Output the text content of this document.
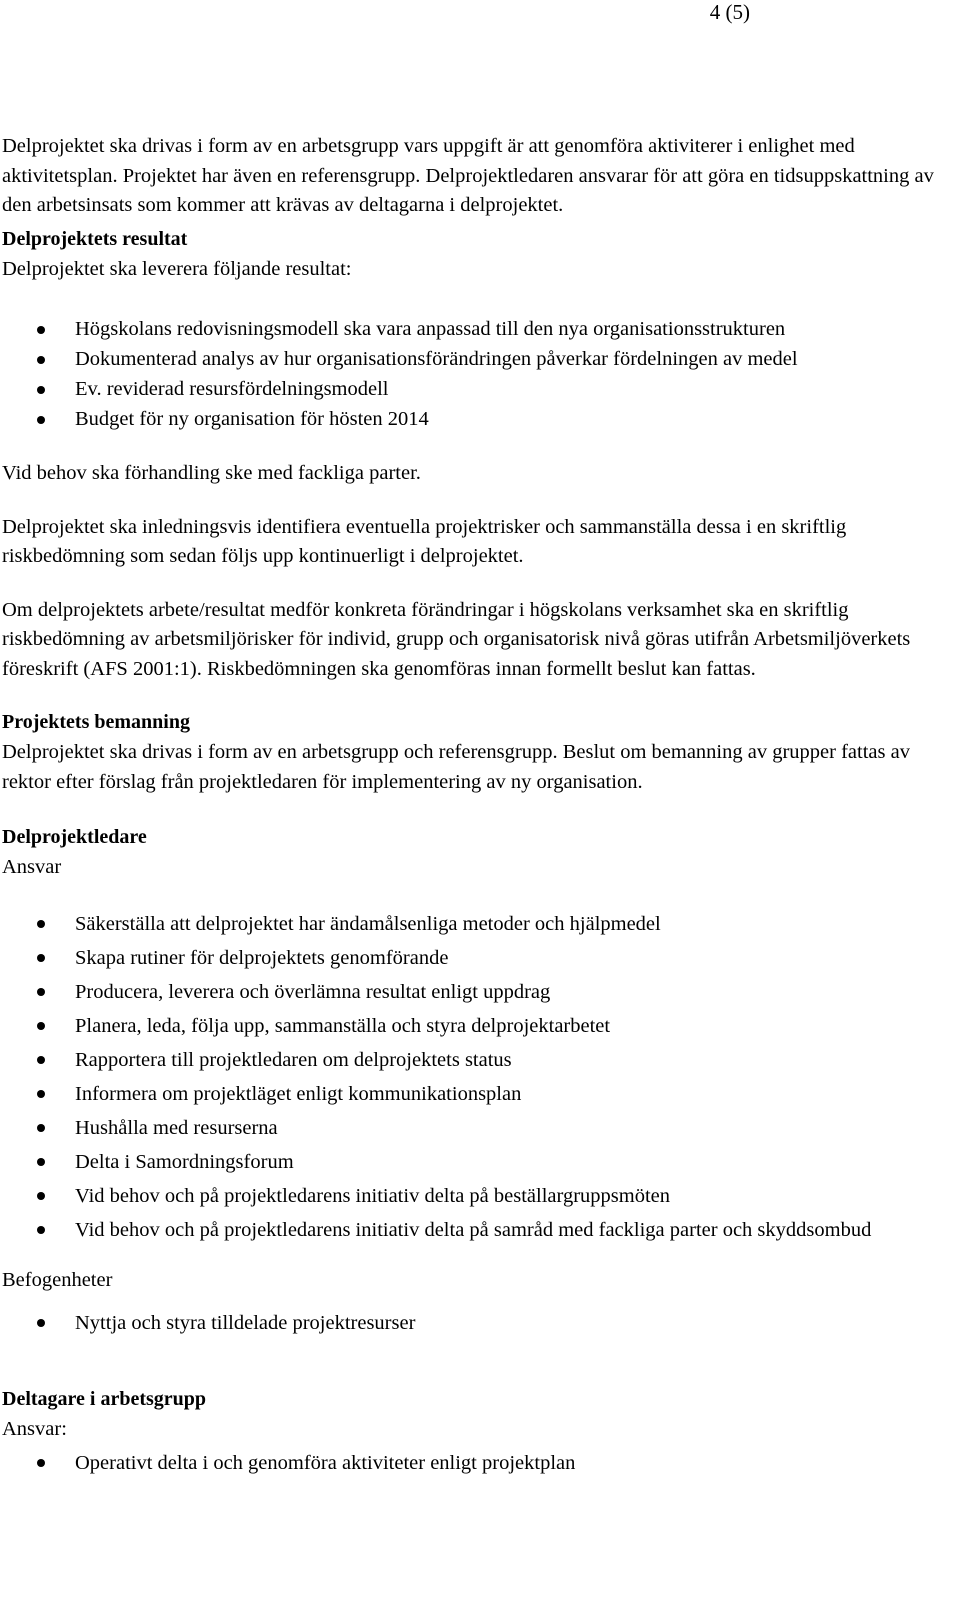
4 (5)

Delprojektet ska drivas i form av en arbetsgrupp vars uppgift är att genomföra aktiviterer i enlighet med aktivitetsplan. Projektet har även en referensgrupp. Delprojektledaren ansvarar för att göra en tidsuppskattning av den arbetsinsats som kommer att krävas av deltagarna i delprojektet.

Delprojektets resultat

Delprojektet ska leverera följande resultat:

Högskolans redovisningsmodell ska vara anpassad till den nya organisationsstrukturen
Dokumenterad analys av hur organisationsförändringen påverkar fördelningen av medel
Ev. reviderad resursfördelningsmodell
Budget för ny organisation för hösten 2014

Vid behov ska förhandling ske med fackliga parter.

Delprojektet ska inledningsvis identifiera eventuella projektrisker och sammanställa dessa i en skriftlig riskbedömning som sedan följs upp kontinuerligt i delprojektet.

Om delprojektets arbete/resultat medför konkreta förändringar i högskolans verksamhet ska en skriftlig riskbedömning av arbetsmiljörisker för individ, grupp och organisatorisk nivå göras utifrån Arbetsmiljöverkets föreskrift (AFS 2001:1). Riskbedömningen ska genomföras innan formellt beslut kan fattas.

Projektets bemanning

Delprojektet ska drivas i form av en arbetsgrupp och referensgrupp. Beslut om bemanning av grupper fattas av rektor efter förslag från projektledaren för implementering av ny organisation.

Delprojektledare

Ansvar

Säkerställa att delprojektet har ändamålsenliga metoder och hjälpmedel
Skapa rutiner för delprojektets genomförande
Producera, leverera och överlämna resultat enligt uppdrag
Planera, leda, följa upp, sammanställa och styra delprojektarbetet
Rapportera till projektledaren om delprojektets status
Informera om projektläget enligt kommunikationsplan
Hushålla med resurserna
Delta i Samordningsforum
Vid behov och på projektledarens initiativ delta på beställargruppsmöten
Vid behov och på projektledarens initiativ delta på samråd med fackliga parter och skyddsombud

Befogenheter

Nyttja och styra tilldelade projektresurser

Deltagare i arbetsgrupp

Ansvar:

Operativt delta i och genomföra aktiviteter enligt projektplan
